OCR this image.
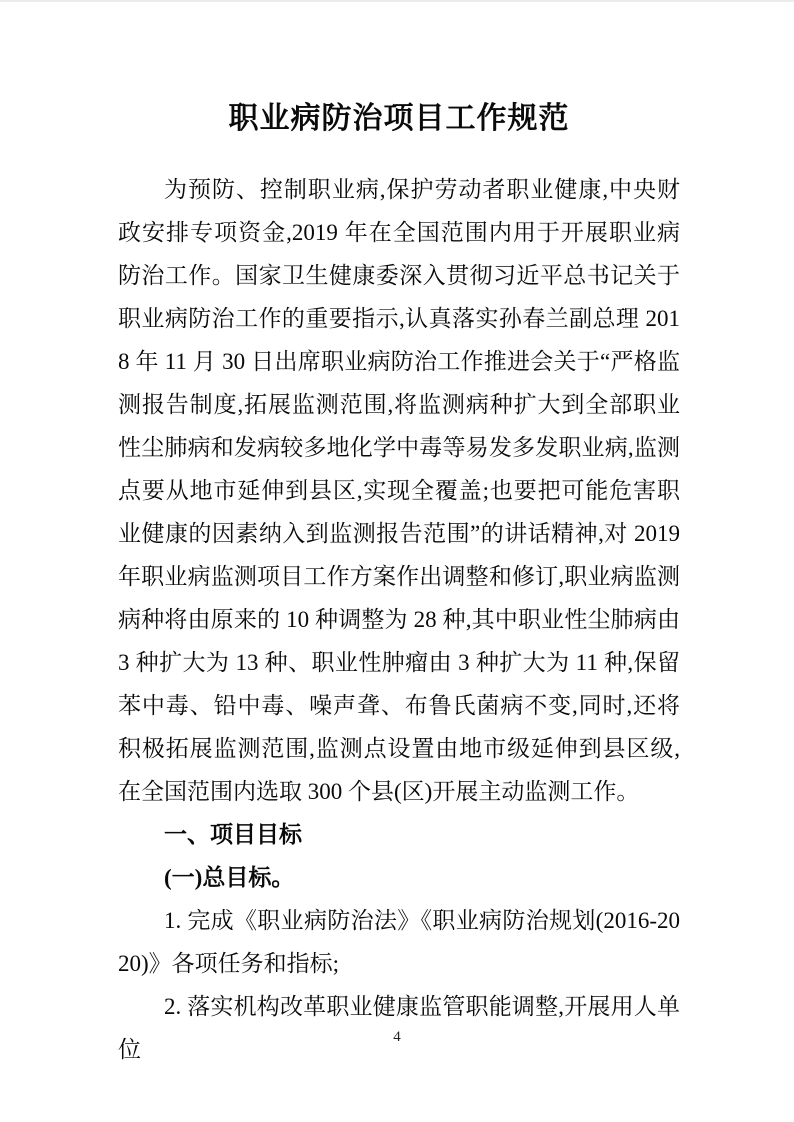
职业病防治项目工作规范

为预防、控制职业病,保护劳动者职业健康,中央财政安排专项资金,2019 年在全国范围内用于开展职业病防治工作。国家卫生健康委深入贯彻习近平总书记关于职业病防治工作的重要指示,认真落实孙春兰副总理 2018 年 11 月 30 日出席职业病防治工作推进会关于“严格监测报告制度,拓展监测范围,将监测病种扩大到全部职业性尘肺病和发病较多地化学中毒等易发多发职业病,监测点要从地市延伸到县区,实现全覆盖;也要把可能危害职业健康的因素纳入到监测报告范围”的讲话精神,对 2019 年职业病监测项目工作方案作出调整和修订,职业病监测病种将由原来的 10 种调整为 28 种,其中职业性尘肺病由 3 种扩大为 13 种、职业性肿瘤由 3 种扩大为 11 种,保留苯中毒、铅中毒、噪声聋、布鲁氏菌病不变,同时,还将积极拓展监测范围,监测点设置由地市级延伸到县区级,在全国范围内选取 300 个县(区)开展主动监测工作。

一、项目目标
(一)总目标。

1. 完成《职业病防治法》《职业病防治规划(2016-2020)》各项任务和指标;

2. 落实机构改革职业健康监管职能调整,开展用人单位	4
